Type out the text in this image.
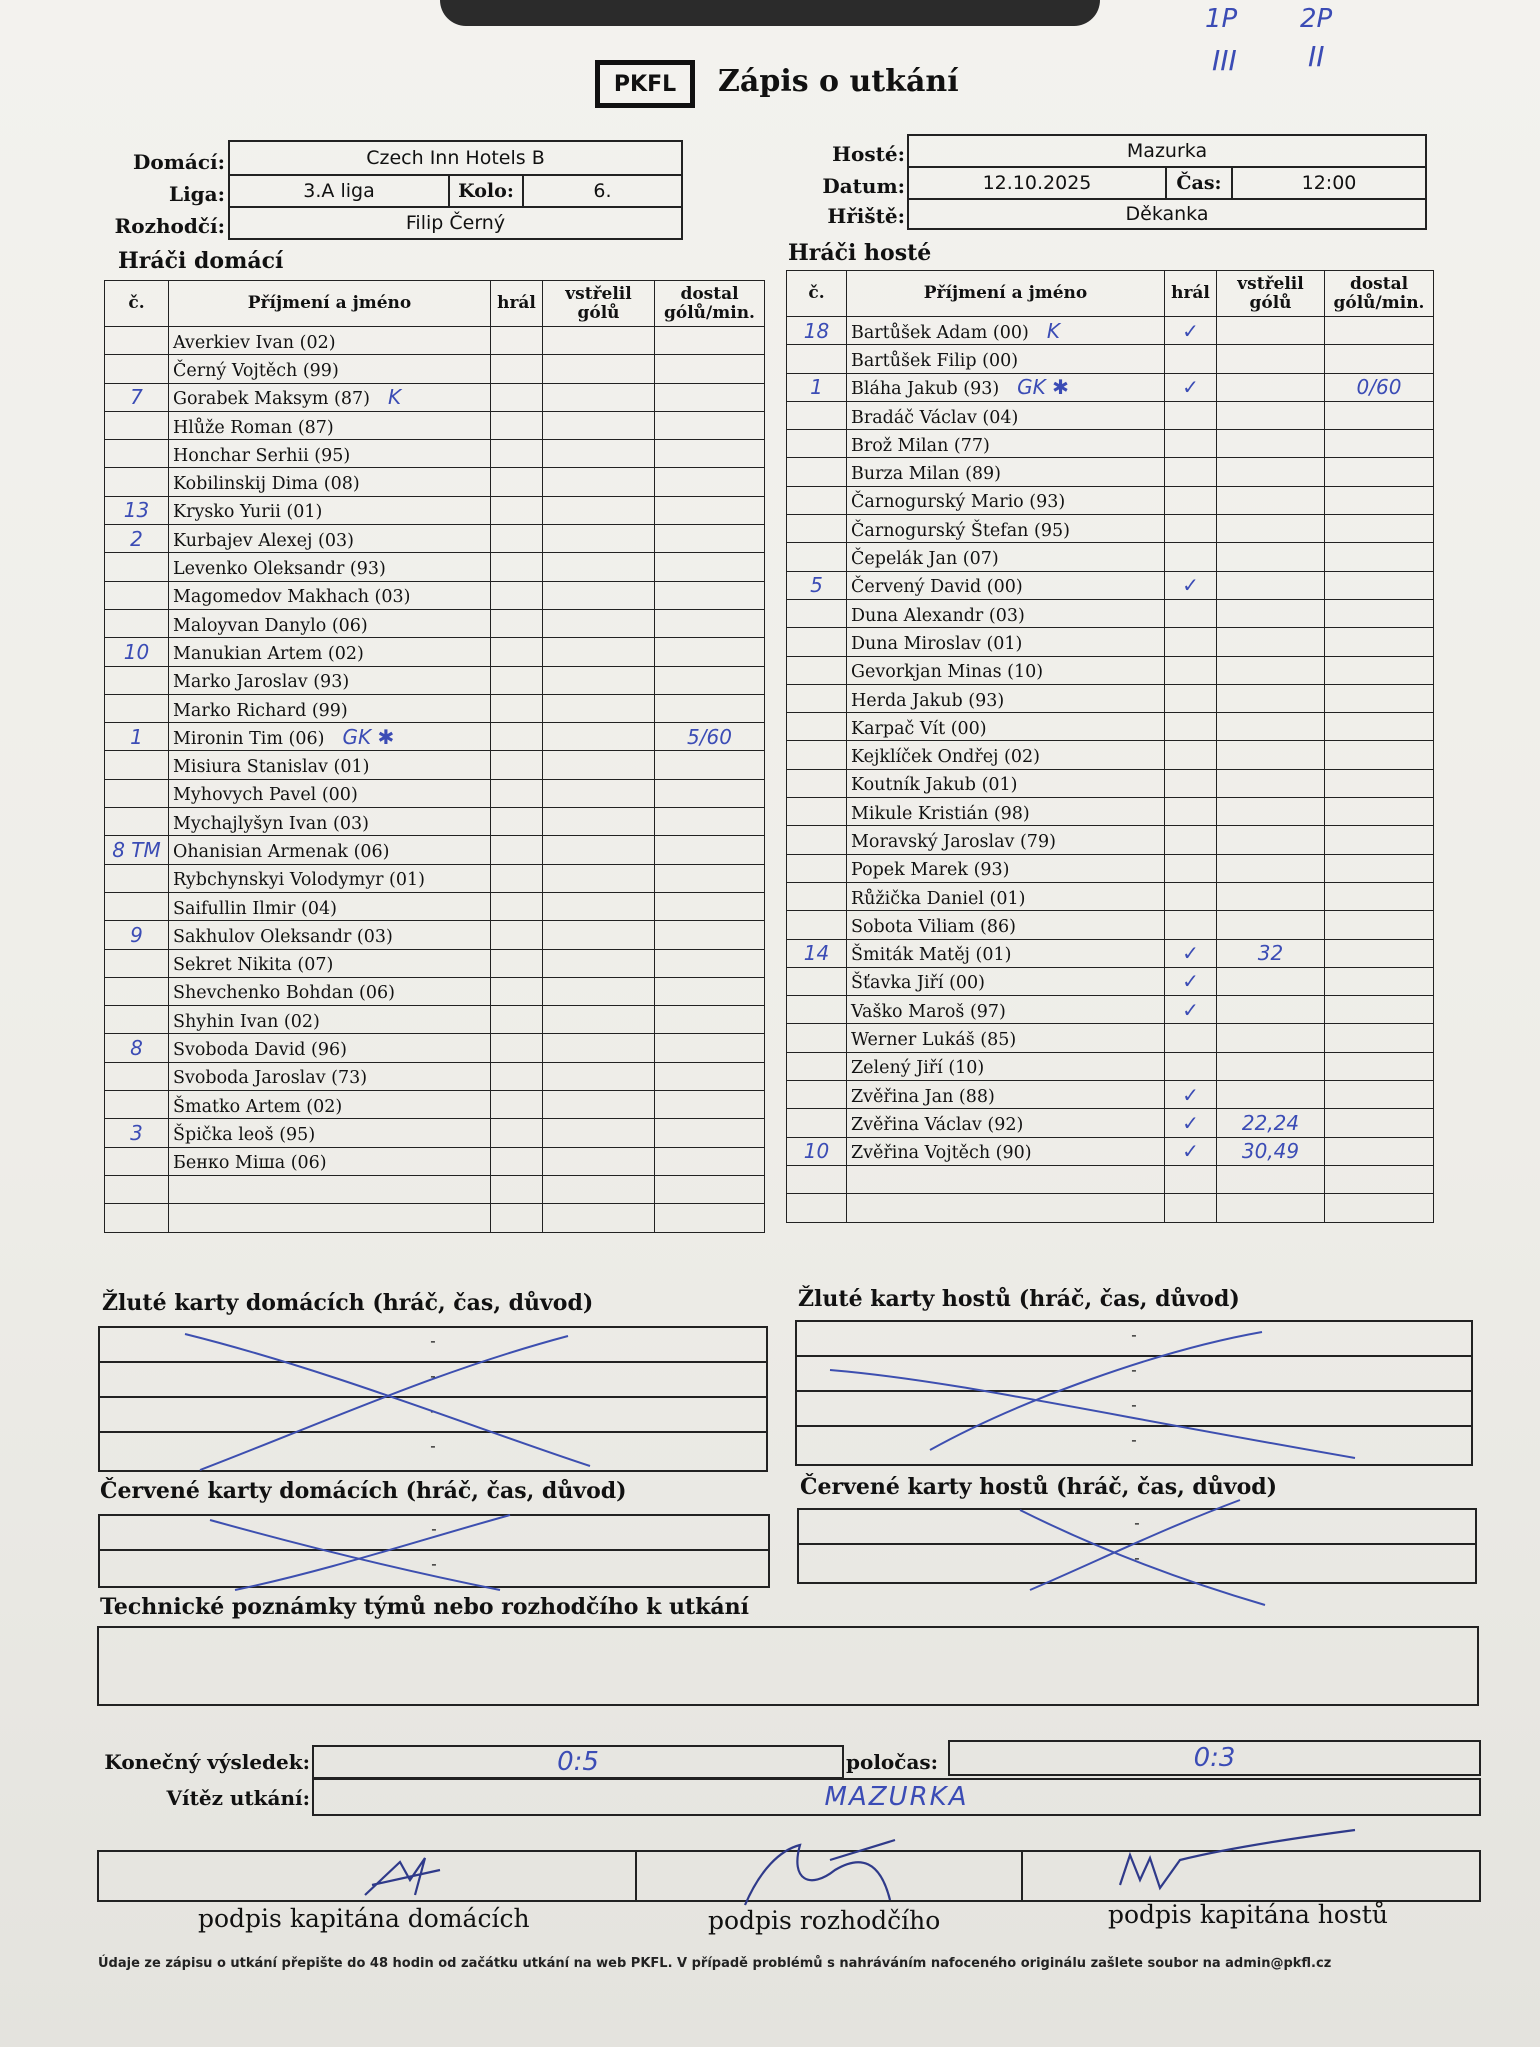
1P 2P
III	II
PKFL Zápis o utkání
Domácí:	Czech Inn Hotels B
Liga:	3.A liga	Kolo:	6.
Rozhodčí:	Filip Černý
Hosté:	Mazurka
Datum:	12.10.2025	Čas:	12:00
Hřiště:	Děkanka
Hráči domácí	Hráči hosté
č.	Příjmení a jméno	hrál	vstřelil gólů	dostal gólů/min.
	Averkiev Ivan (02)			
	Černý Vojtěch (99)			
7	Gorabek Maksym (87) K			
	Hlůže Roman (87)			
	Honchar Serhii (95)			
	Kobilinskij Dima (08)			
13	Krysko Yurii (01)			
2	Kurbajev Alexej (03)			
	Levenko Oleksandr (93)			
	Magomedov Makhach (03)			
	Maloyvan Danylo (06)			
10	Manukian Artem (02)			
	Marko Jaroslav (93)			
	Marko Richard (99)			
1	Mironin Tim (06) GK ✱			5/60
	Misiura Stanislav (01)			
	Myhovych Pavel (00)			
	Mychajlyšyn Ivan (03)			
8 TM	Ohanisian Armenak (06)			
	Rybchynskyi Volodymyr (01)			
	Saifullin Ilmir (04)			
9	Sakhulov Oleksandr (03)			
	Sekret Nikita (07)			
	Shevchenko Bohdan (06)			
	Shyhin Ivan (02)			
8	Svoboda David (96)			
	Svoboda Jaroslav (73)			
	Šmatko Artem (02)			
3	Špička leoš (95)			
	Бенко Міша (06)			

č.	Příjmení a jméno	hrál	vstřelil gólů	dostal gólů/min.
18	Bartůšek Adam (00) K	✓		
	Bartůšek Filip (00)			
1	Bláha Jakub (93) GK ✱	✓		0/60
	Bradáč Václav (04)			
	Brož Milan (77)			
	Burza Milan (89)			
	Čarnogurský Mario (93)			
	Čarnogurský Štefan (95)			
	Čepelák Jan (07)			
5	Červený David (00)	✓		
	Duna Alexandr (03)			
	Duna Miroslav (01)			
	Gevorkjan Minas (10)			
	Herda Jakub (93)			
	Karpač Vít (00)			
	Kejklíček Ondřej (02)			
	Koutník Jakub (01)			
	Mikule Kristián (98)			
	Moravský Jaroslav (79)			
	Popek Marek (93)			
	Růžička Daniel (01)			
	Sobota Viliam (86)			
14	Šmiták Matěj (01)	✓	32	
	Šťavka Jiří (00)	✓		
	Vaško Maroš (97)	✓		
	Werner Lukáš (85)			
	Zelený Jiří (10)			
	Zvěřina Jan (88)	✓		
	Zvěřina Václav (92)	✓	22,24	
10	Zvěřina Vojtěch (90)	✓	30,49	

Žluté karty domácích (hráč, čas, důvod)	Žluté karty hostů (hráč, čas, důvod)
-
-
-
-
-
-
-
-
Červené karty domácích (hráč, čas, důvod)	Červené karty hostů (hráč, čas, důvod)
-
-
-
-
Technické poznámky týmů nebo rozhodčího k utkání
Konečný výsledek:	0:5	poločas:	0:3
Vítěz utkání:	MAZURKA
podpis kapitána domácích	podpis rozhodčího	podpis kapitána hostů
Údaje ze zápisu o utkání přepište do 48 hodin od začátku utkání na web PKFL. V případě problémů s nahráváním nafoceného originálu zašlete soubor na admin@pkfl.cz
